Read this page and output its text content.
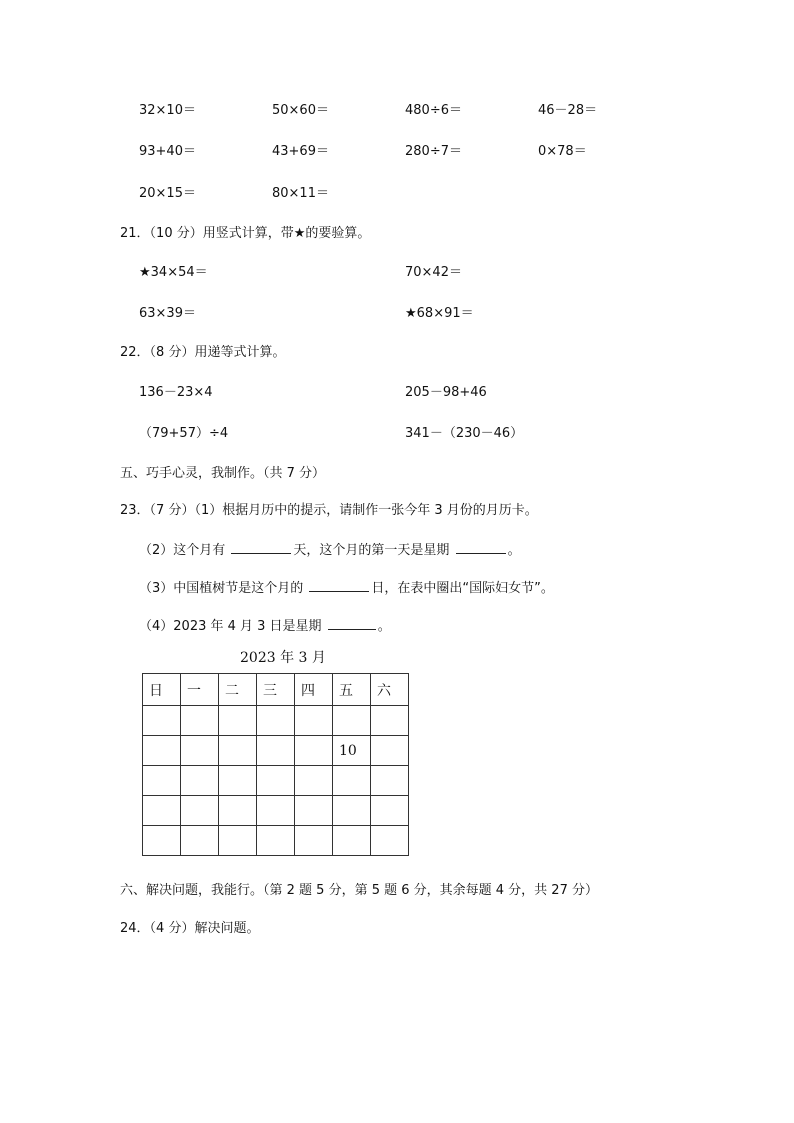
32×10＝	50×60＝	480÷6＝	46－28＝
93+40＝	43+69＝	280÷7＝	0×78＝
20×15＝	80×11＝
21．（10 分）用竖式计算，带★的要验算。
★34×54＝	70×42＝
63×39＝	★68×91＝
22．（8 分）用递等式计算。
136－23×4	205－98+46
（79+57）÷4	341－（230－46）
五、巧手心灵，我制作。（共 7 分）
23．（7 分）（1）根据月历中的提示，请制作一张今年 3 月份的月历卡。
（2）这个月有	天，这个月的第一天是星期	。
（3）中国植树节是这个月的	日，在表中圈出“国际妇女节”。
（4）2023 年 4 月 3 日是星期	。
2023 年 3 月
日	一	二	三	四	五	六

					10	

六、解决问题，我能行。（第 2 题 5 分，第 5 题 6 分，其余每题 4 分，共 27 分）
24．（4 分）解决问题。
